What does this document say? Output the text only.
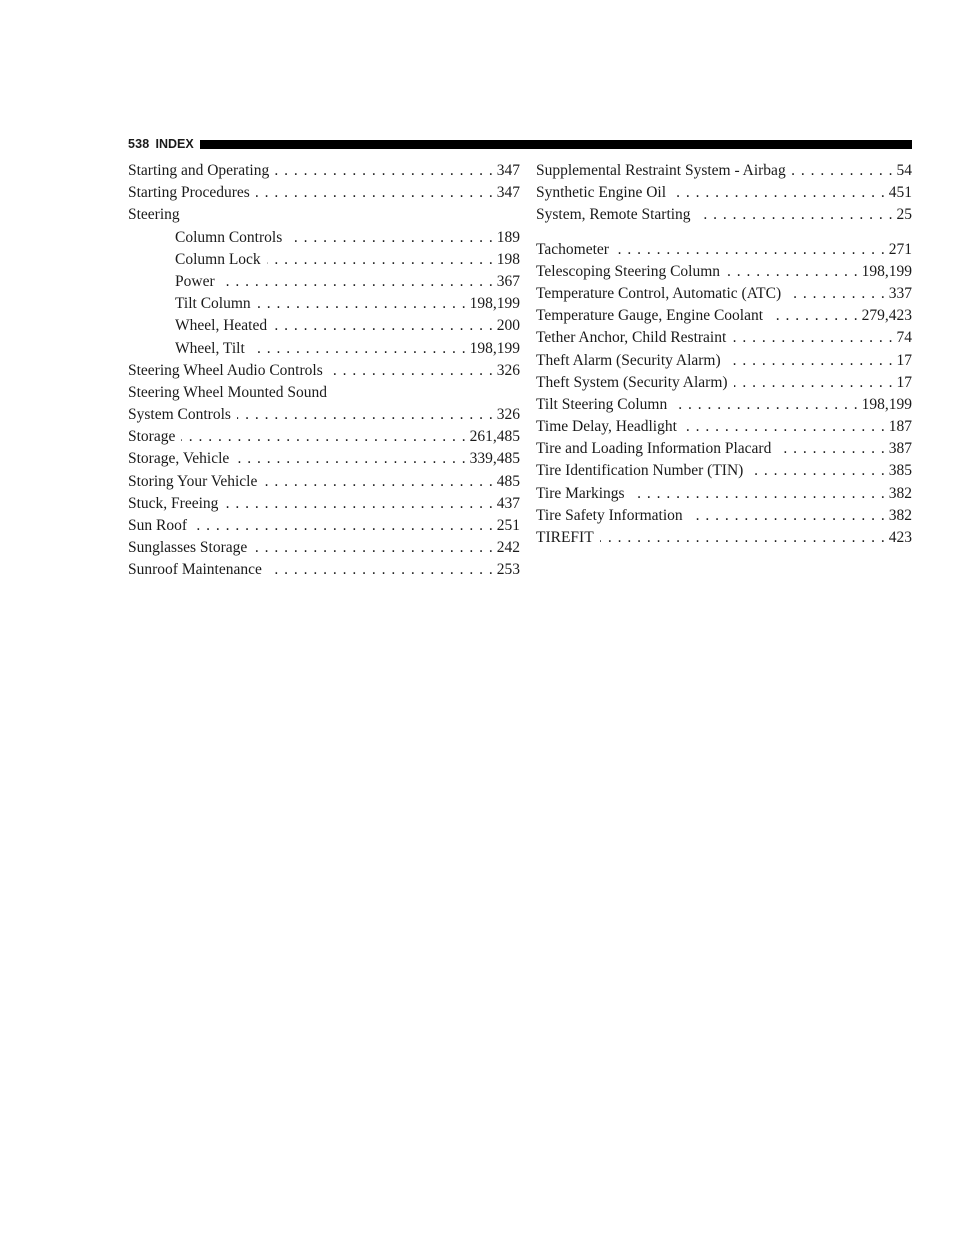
538 INDEX
Starting and Operating . . .	347
Starting Procedures . . .	347
Steering
Column Controls . . .	189
Column Lock . . .	198
Power . . .	367
Tilt Column . . .	198,199
Wheel, Heated . . .	200
Wheel, Tilt . . .	198,199
Steering Wheel Audio Controls . . .	326
Steering Wheel Mounted Sound
System Controls . . .	326
Storage . . .	261,485
Storage, Vehicle . . .	339,485
Storing Your Vehicle . . .	485
Stuck, Freeing . . .	437
Sun Roof . . .	251
Sunglasses Storage . . .	242
Sunroof Maintenance . . .	253
Supplemental Restraint System - Airbag . . .	54
Synthetic Engine Oil . . .	451
System, Remote Starting . . .	25
Tachometer . . .	271
Telescoping Steering Column . . .	198,199
Temperature Control, Automatic (ATC) . . .	337
Temperature Gauge, Engine Coolant . . .	279,423
Tether Anchor, Child Restraint . . .	74
Theft Alarm (Security Alarm) . . .	17
Theft System (Security Alarm) . . .	17
Tilt Steering Column . . .	198,199
Time Delay, Headlight . . .	187
Tire and Loading Information Placard . . .	387
Tire Identification Number (TIN) . . .	385
Tire Markings . . .	382
Tire Safety Information . . .	382
TIREFIT . . .	423
